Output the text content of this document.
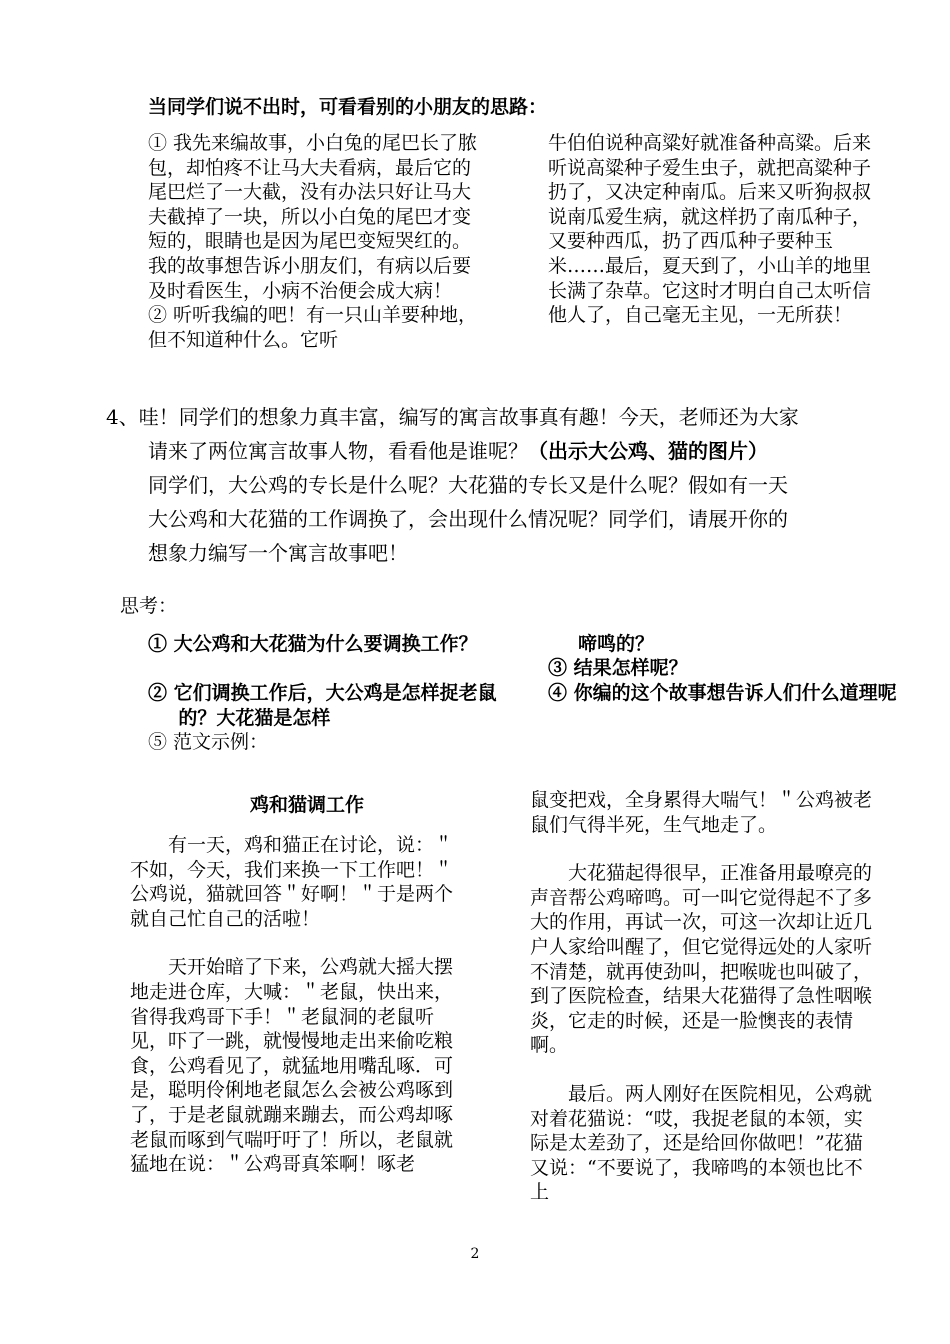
当同学们说不出时，可看看别的小朋友的思路：
① 我先来编故事，小白兔的尾巴长了脓包，却怕疼不让马大夫看病，最后它的尾巴烂了一大截，没有办法只好让马大夫截掉了一块，所以小白兔的尾巴才变短的，眼睛也是因为尾巴变短哭红的。我的故事想告诉小朋友们，有病以后要及时看医生，小病不治便会成大病！
② 听听我编的吧！有一只山羊要种地，但不知道种什么。它听
牛伯伯说种高粱好就准备种高粱。后来听说高粱种子爱生虫子，就把高粱种子扔了，又决定种南瓜。后来又听狗叔叔说南瓜爱生病，就这样扔了南瓜种子，又要种西瓜，扔了西瓜种子要种玉米……最后，夏天到了，小山羊的地里长满了杂草。它这时才明白自己太听信他人了，自己毫无主见，一无所获！
4、哇！同学们的想象力真丰富，编写的寓言故事真有趣！今天，老师还为大家
请来了两位寓言故事人物，看看他是谁呢？（出示大公鸡、猫的图片）
同学们，大公鸡的专长是什么呢？大花猫的专长又是什么呢？假如有一天
大公鸡和大花猫的工作调换了，会出现什么情况呢？同学们，请展开你的
想象力编写一个寓言故事吧！
思考：
① 大公鸡和大花猫为什么要调换工作？
② 它们调换工作后，大公鸡是怎样捉老鼠的？大花猫是怎样
⑤ 范文示例：
啼鸣的？
③ 结果怎样呢？
④ 你编的这个故事想告诉人们什么道理呢
鸡和猫调工作

有一天，鸡和猫正在讨论，说：＂不如，今天，我们来换一下工作吧！＂公鸡说，猫就回答＂好啊！＂于是两个就自己忙自己的活啦！

天开始暗了下来，公鸡就大摇大摆地走进仓库，大喊：＂老鼠，快出来，省得我鸡哥下手！＂老鼠洞的老鼠听见，吓了一跳，就慢慢地走出来偷吃粮食，公鸡看见了，就猛地用嘴乱啄．可是，聪明伶俐地老鼠怎么会被公鸡啄到了，于是老鼠就蹦来蹦去，而公鸡却啄老鼠而啄到气喘吁吁了！所以，老鼠就猛地在说：＂公鸡哥真笨啊！啄老

鼠变把戏，全身累得大喘气！＂公鸡被老鼠们气得半死，生气地走了。

大花猫起得很早，正准备用最嘹亮的声音帮公鸡啼鸣。可一叫它觉得起不了多大的作用，再试一次，可这一次却让近几户人家给叫醒了，但它觉得远处的人家听不清楚，就再使劲叫，把喉咙也叫破了，到了医院检查，结果大花猫得了急性咽喉炎，它走的时候，还是一脸懊丧的表情啊。

最后。两人刚好在医院相见，公鸡就对着花猫说：“哎，我捉老鼠的本领，实际是太差劲了，还是给回你做吧！”花猫又说：“不要说了，我啼鸣的本领也比不上

2
